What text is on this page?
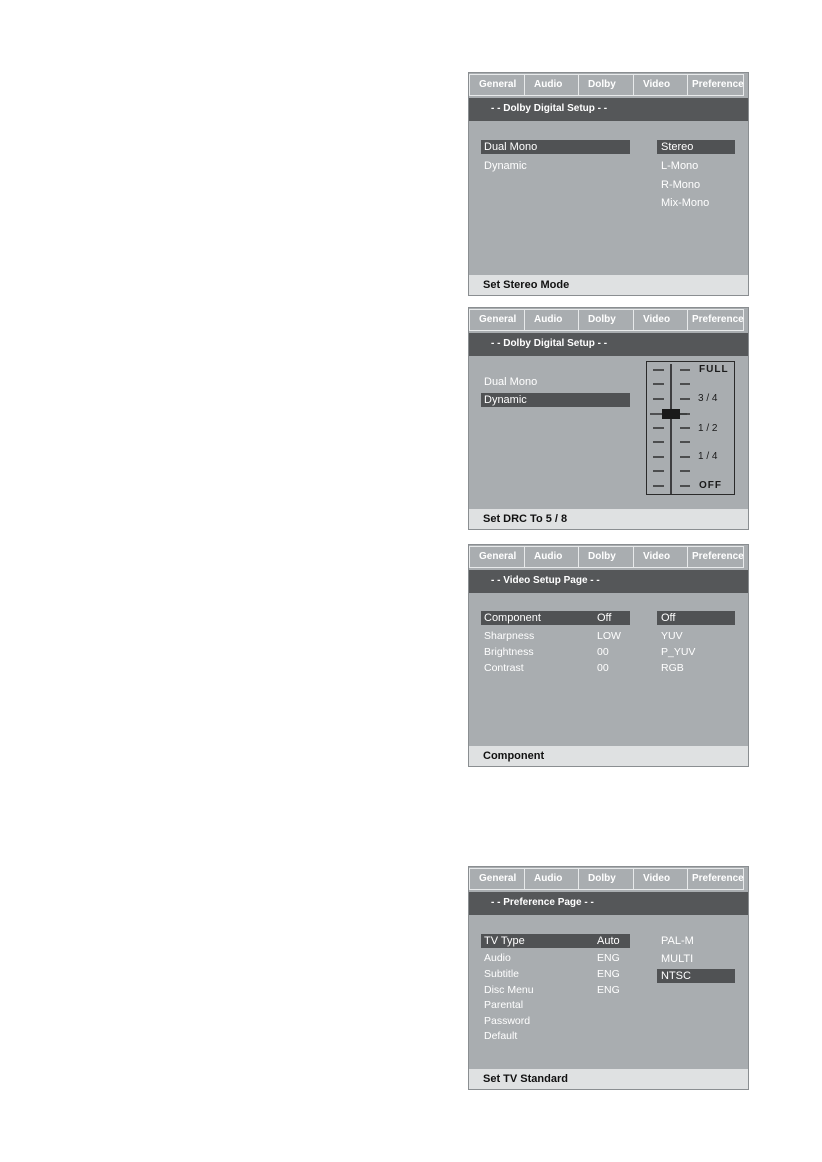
General	Audio	Dolby	Video	Preference
- - Dolby Digital Setup - -
Dual Mono
Dynamic
Stereo
L-Mono
R-Mono
Mix-Mono
Set Stereo Mode
General	Audio	Dolby	Video	Preference
- - Dolby Digital Setup - -
Dual Mono
Dynamic
FULL
3 / 4
1 / 2
1 / 4
OFF
Set DRC To 5 / 8
General	Audio	Dolby	Video	Preference
- - Video Setup Page - -
Component	Off
Sharpness	LOW
Brightness	00
Contrast	00
Off
YUV
P_YUV
RGB
Component
General	Audio	Dolby	Video	Preference
- - Preference Page - -
TV Type	Auto
Audio	ENG
Subtitle	ENG
Disc Menu	ENG
Parental
Password
Default
PAL-M
MULTI
NTSC
Set TV Standard
